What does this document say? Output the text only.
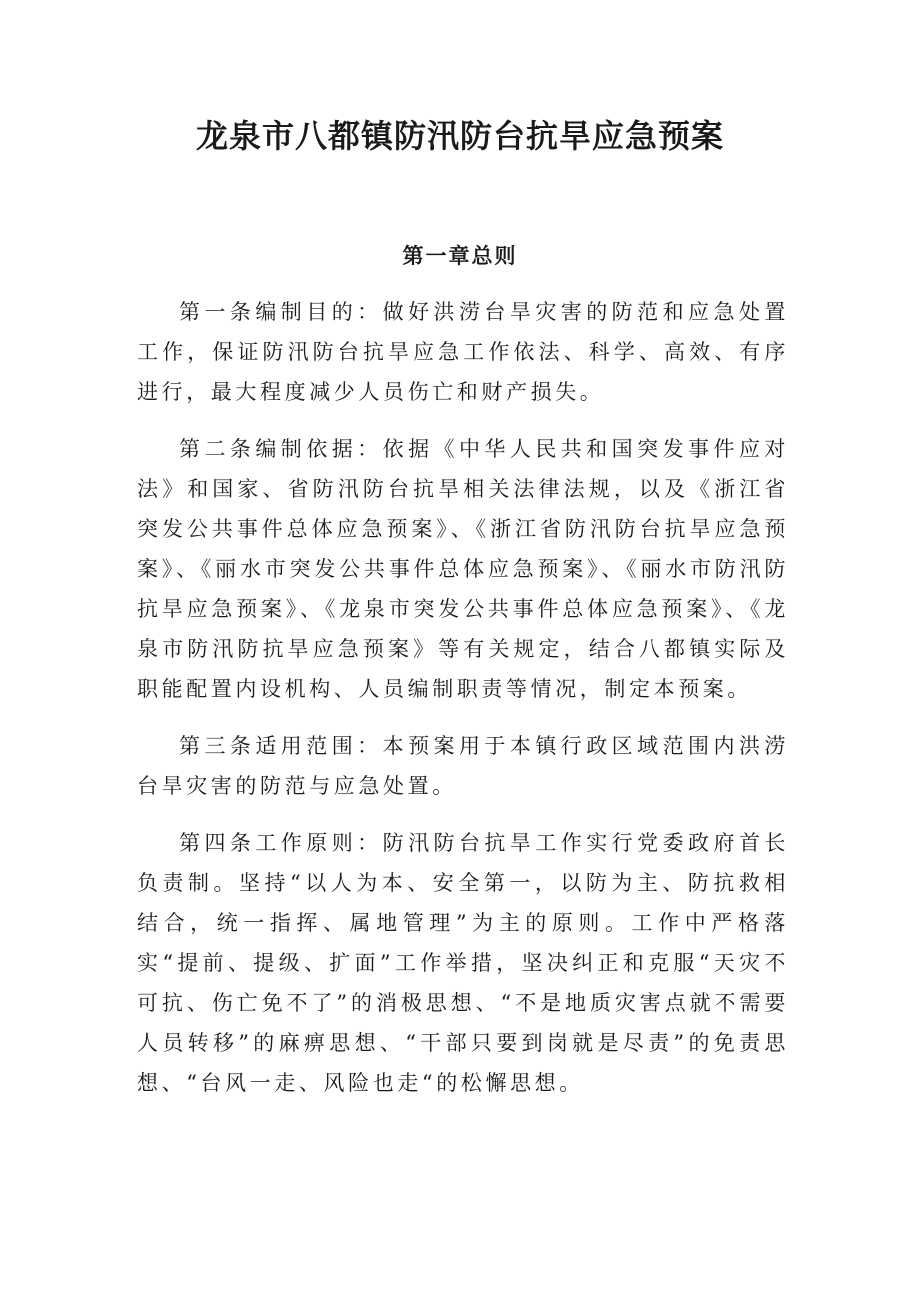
龙泉市八都镇防汛防台抗旱应急预案
第一章总则

第一条编制目的：做好洪涝台旱灾害的防范和应急处置工作，保证防汛防台抗旱应急工作依法、科学、高效、有序进行，最大程度减少人员伤亡和财产损失。

第二条编制依据：依据《中华人民共和国突发事件应对法》和国家、省防汛防台抗旱相关法律法规，以及《浙江省突发公共事件总体应急预案》、《浙江省防汛防台抗旱应急预案》、《丽水市突发公共事件总体应急预案》、《丽水市防汛防抗旱应急预案》、《龙泉市突发公共事件总体应急预案》、《龙泉市防汛防抗旱应急预案》等有关规定，结合八都镇实际及职能配置内设机构、人员编制职责等情况，制定本预案。

第三条适用范围：本预案用于本镇行政区域范围内洪涝台旱灾害的防范与应急处置。

第四条工作原则：防汛防台抗旱工作实行党委政府首长负责制。坚持“以人为本、安全第一，以防为主、防抗救相结合，统一指挥、属地管理”为主的原则。工作中严格落实“提前、提级、扩面”工作举措，坚决纠正和克服“天灾不可抗、伤亡免不了”的消极思想、“不是地质灾害点就不需要人员转移”的麻痹思想、“干部只要到岗就是尽责”的免责思想、“台风一走、风险也走“的松懈思想。
